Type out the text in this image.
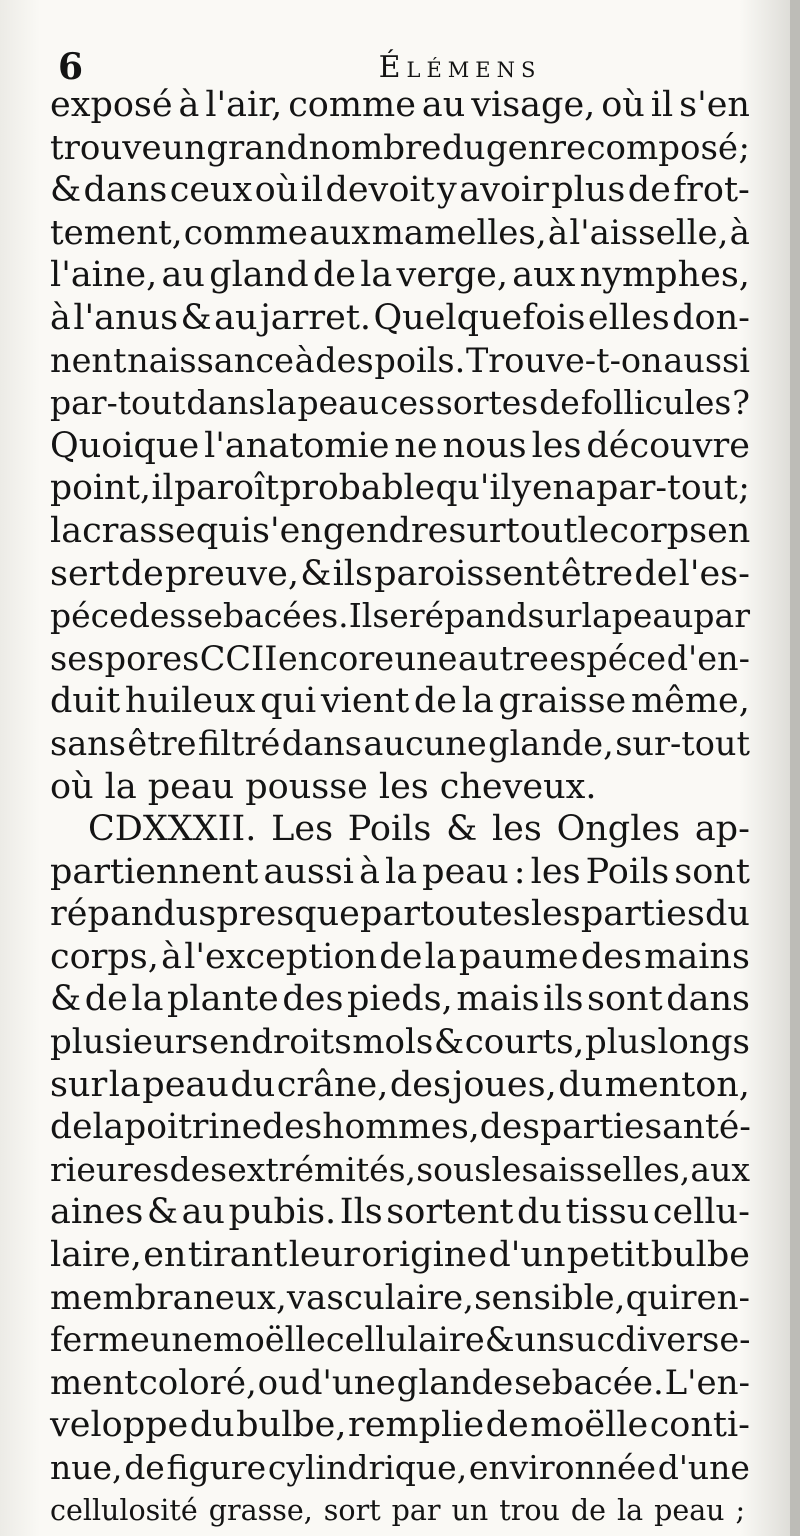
6	Élémens
exposé à l'air, comme au visage, où il s'en
trouve un grand nombre du genre composé ;
& dans ceux où il devoit y avoir plus de frot-
tement, comme aux mamelles, à l'aisselle, à
l'aine, au gland de la verge, aux nymphes,
à l'anus & au jarret. Quelquefois elles don-
nent naissance à des poils. Trouve-t-on aussi
par-tout dans la peau ces sortes de follicules ?
Quoique l'anatomie ne nous les découvre
point, il paroît probable qu'il y en a par-tout ;
la crasse qui s'engendre sur tout le corps en
sert de preuve, & ils paroissent être de l'es-
péce des sebacées. Il se répand sur la peau par
ses pores CCII encore une autre espéce d'en-
duit huileux qui vient de la graisse même,
sans être filtré dans aucune glande, sur-tout
où la peau pousse les cheveux.
CDXXXII. Les Poils & les Ongles ap-
partiennent aussi à la peau : les Poils sont
répandus presque par toutes les parties du
corps, à l'exception de la paume des mains
& de la plante des pieds, mais ils sont dans
plusieurs endroits mols & courts, plus longs
sur la peau du crâne, des joues, du menton,
de la poitrine des hommes, des parties anté-
rieures des extrémités, sous les aisselles, aux
aines & au pubis. Ils sortent du tissu cellu-
laire, en tirant leur origine d'un petit bulbe
membraneux, vasculaire, sensible, qui ren-
ferme une moëlle cellulaire & un suc diverse-
ment coloré, ou d'une glande sebacée. L'en-
veloppe du bulbe, remplie de moëlle conti-
nue, de figure cylindrique, environnée d'une
cellulosité grasse, sort par un trou de la peau ;
